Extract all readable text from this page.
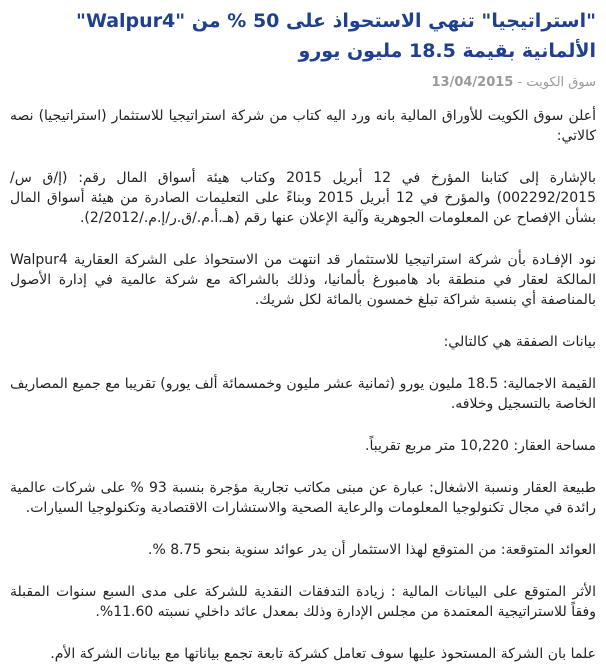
"استراتيجيا" تنهي الاستحواذ على 50 % من "Walpur4" الألمانية بقيمة 18.5 مليون يورو
سوق الكويت - 13/04/2015

أعلن سوق الكويت للأوراق المالية بانه ورد اليه كتاب من شركة استراتيجيا للاستثمار (استراتيجيا) نصه كالاتي:

بالإشارة إلى كتابنا المؤرخ في 12 أبريل 2015 وكتاب هيئة أسواق المال رقم: (إ/ق س/ 002292/2015) والمؤرخ في 12 أبريل 2015 وبناءً على التعليمات الصادرة من هيئة أسواق المال بشأن الإفصاح عن المعلومات الجوهرية وآلية الإعلان عنها رقم (هـ.أ.م./ق.ر/إ.م./2/2012).

نود الإفـادة بأن شركة استراتيجيا للاستثمار قد انتهت من الاستحواذ على الشركة العقارية Walpur4 المالكة لعقار في منطقة باد هامبورغ بألمانيا، وذلك بالشراكة مع شركة عالمية في إدارة الأصول بالمناصفة أي بنسبة شراكة تبلغ خمسون بالمائة لكل شريك.

بيانات الصفقة هي كالتالي:

القيمة الاجمالية: 18.5 مليون يورو (ثمانية عشر مليون وخمسمائة ألف يورو) تقريبا مع جميع المصاريف الخاصة بالتسجيل وخلافه.

مساحة العقار: 10,220 متر مربع تقريباً.

طبيعة العقار ونسبة الاشغال: عبارة عن مبنى مكاتب تجارية مؤجرة بنسبة 93 % على شركات عالمية رائدة في مجال تكنولوجيا المعلومات والرعاية الصحية والاستشارات الاقتصادية وتكنولوجيا السيارات.

العوائد المتوقعة: من المتوقع لهذا الاستثمار أن يدر عوائد سنوية بنحو 8.75 %.

الأثر المتوقع على البيانات المالية : زيادة التدفقات النقدية للشركة على مدى السبع سنوات المقبلة وفقاً للاستراتيجية المعتمدة من مجلس الإدارة وذلك بمعدل عائد داخلي نسبته 11.60%.

علما بان الشركة المستحوذ عليها سوف تعامل كشركة تابعة تجمع بياناتها مع بيانات الشركة الأم.
